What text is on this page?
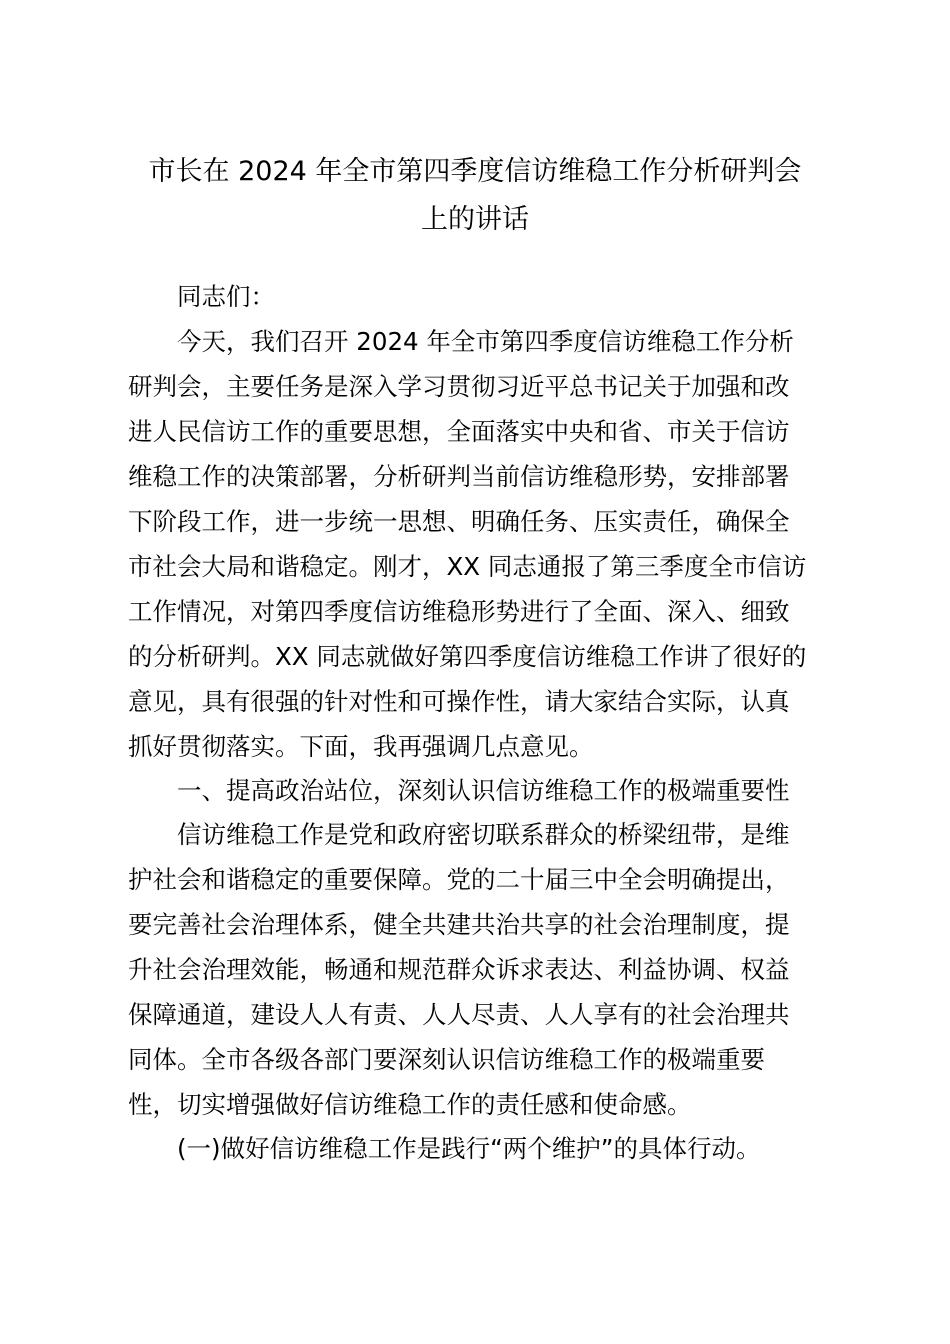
市长在 2024 年全市第四季度信访维稳工作分析研判会
上的讲话
同志们：
今天，我们召开 2024 年全市第四季度信访维稳工作分析
研判会，主要任务是深入学习贯彻习近平总书记关于加强和改
进人民信访工作的重要思想，全面落实中央和省、市关于信访
维稳工作的决策部署，分析研判当前信访维稳形势，安排部署
下阶段工作，进一步统一思想、明确任务、压实责任，确保全
市社会大局和谐稳定。刚才，XX 同志通报了第三季度全市信访
工作情况，对第四季度信访维稳形势进行了全面、深入、细致
的分析研判。XX 同志就做好第四季度信访维稳工作讲了很好的
意见，具有很强的针对性和可操作性，请大家结合实际，认真
抓好贯彻落实。下面，我再强调几点意见。
一、提高政治站位，深刻认识信访维稳工作的极端重要性
信访维稳工作是党和政府密切联系群众的桥梁纽带，是维
护社会和谐稳定的重要保障。党的二十届三中全会明确提出，
要完善社会治理体系，健全共建共治共享的社会治理制度，提
升社会治理效能，畅通和规范群众诉求表达、利益协调、权益
保障通道，建设人人有责、人人尽责、人人享有的社会治理共
同体。全市各级各部门要深刻认识信访维稳工作的极端重要
性，切实增强做好信访维稳工作的责任感和使命感。
(一)做好信访维稳工作是践行“两个维护”的具体行动。
